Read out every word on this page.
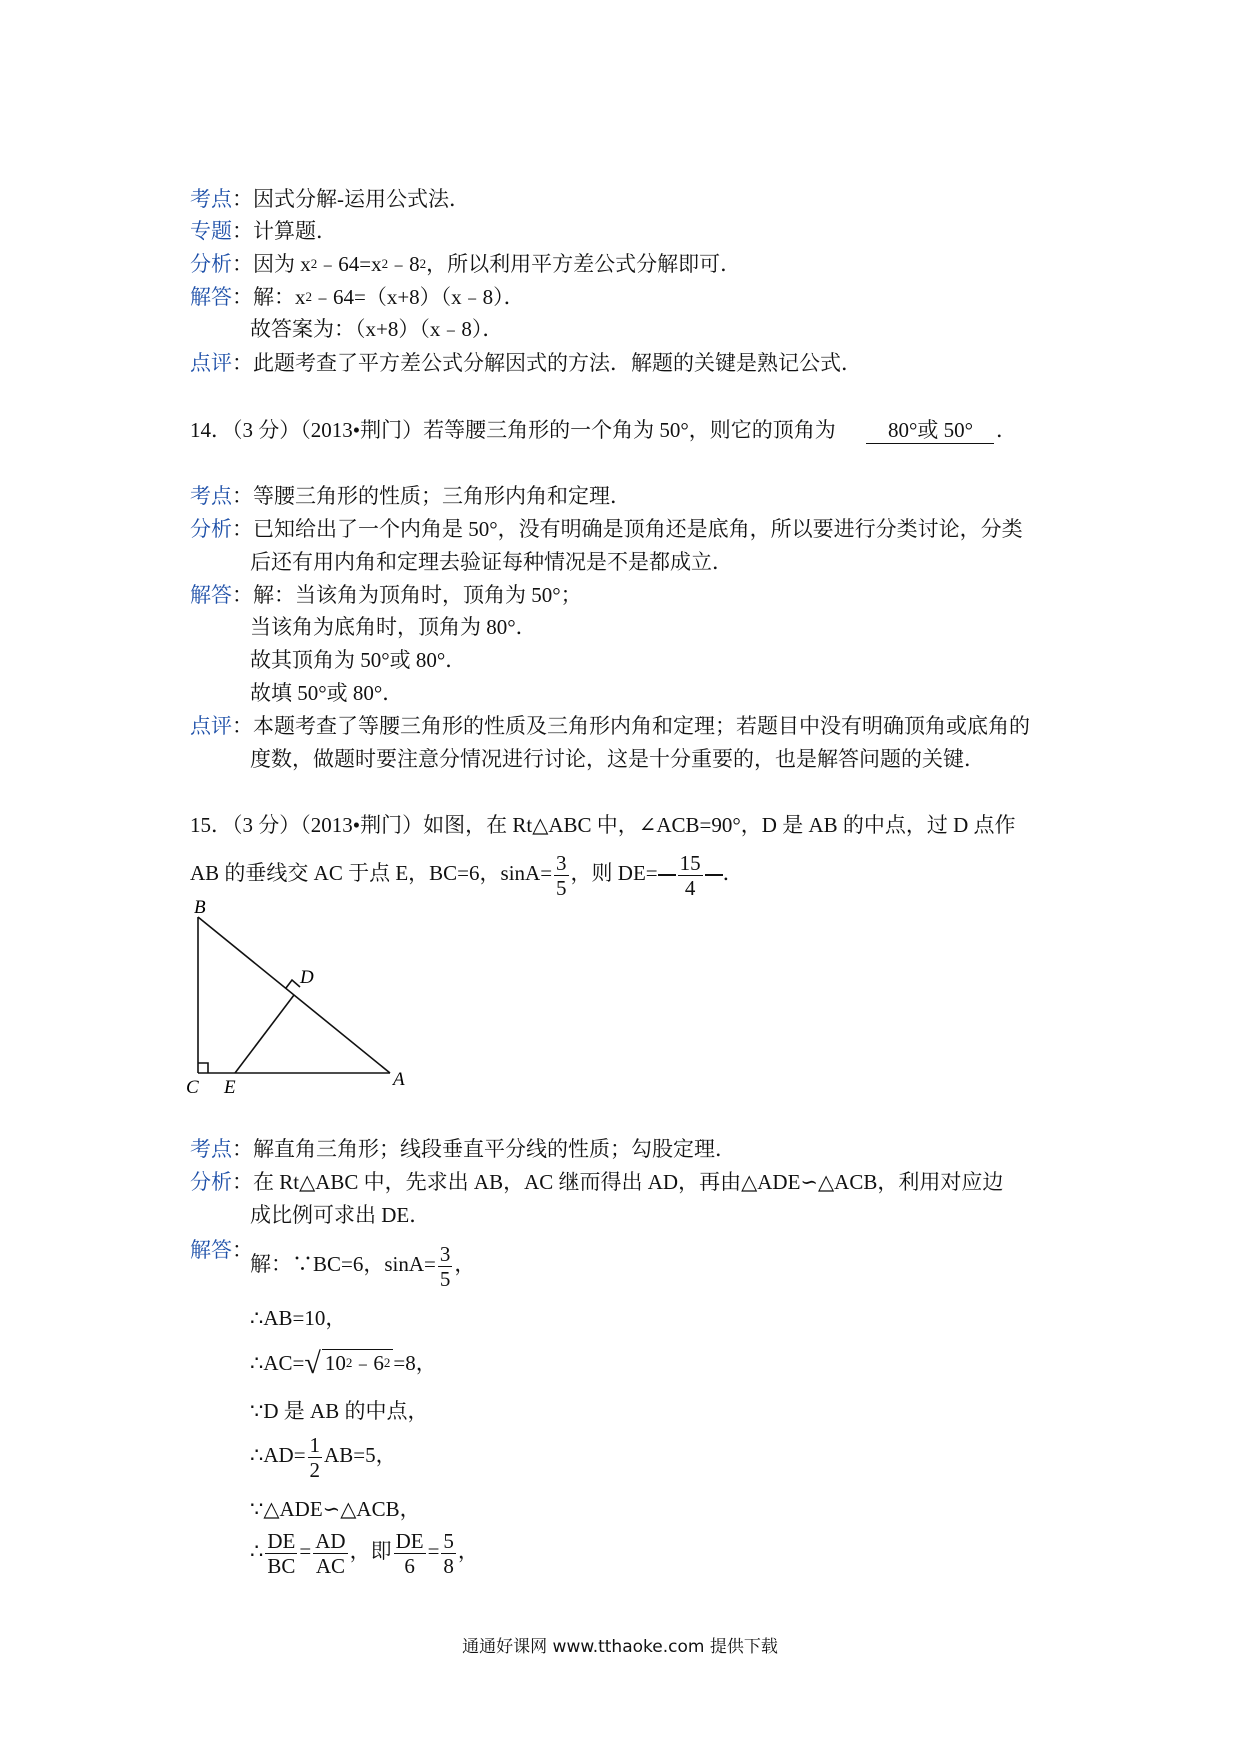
考点：因式分解-运用公式法．
专题：计算题．
分析：因为 $x^2﹣64=x^2﹣8^2$，所以利用平方差公式分解即可．
解答：解：$x^2﹣64=(x+8)(x﹣8)$．
故答案为：（x+8）（x﹣8）．
点评：此题考查了平方差公式分解因式的方法．解题的关键是熟记公式．
14．（3 分）（2013•荆门）若等腰三角形的一个角为 50°，则它的顶角为 80°或 50° ．
考点：等腰三角形的性质；三角形内角和定理．
分析：已知给出了一个内角是 50°，没有明确是顶角还是底角，所以要进行分类讨论，分类
后还有用内角和定理去验证每种情况是不是都成立．
解答：解：当该角为顶角时，顶角为 50°；
当该角为底角时，顶角为 80°．
故其顶角为 50°或 80°．
故填 50°或 80°．
点评：本题考查了等腰三角形的性质及三角形内角和定理；若题目中没有明确顶角或底角的
度数，做题时要注意分情况进行讨论，这是十分重要的，也是解答问题的关键．
15．（3 分）（2013•荆门）如图，在 Rt△ABC 中，∠ACB=90°，D 是 AB 的中点，过 D 点作
AB 的垂线交 AC 于点 E，BC=6，$\sin A= \frac{3}{5}$ ，则 $DE= \frac{15}{4}$ ．
B
C E	A
D
考点：解直角三角形；线段垂直平分线的性质；勾股定理．
分析：在 Rt△ABC 中，先求出 AB，AC 继而得出 AD，再由△ADE∽△ACB，利用对应边
成比例可求出 DE．
解答：
解：∵BC=6，$\sin A= \frac{3}{5}$ ，
∴AB=10，
∴AC=√ $10^2﹣6^2 =8$，
∵D 是 AB 的中点，
∴AD= $\frac{1}{2} AB=5$，
∵△ADE∽△ACB，
∴ $\frac{DE}{BC} = \frac{AD}{AC}$ ，即 $\frac{DE}{6} = \frac{5}{8}$ ，
通通好课网 www.tthaoke.com 提供下载
